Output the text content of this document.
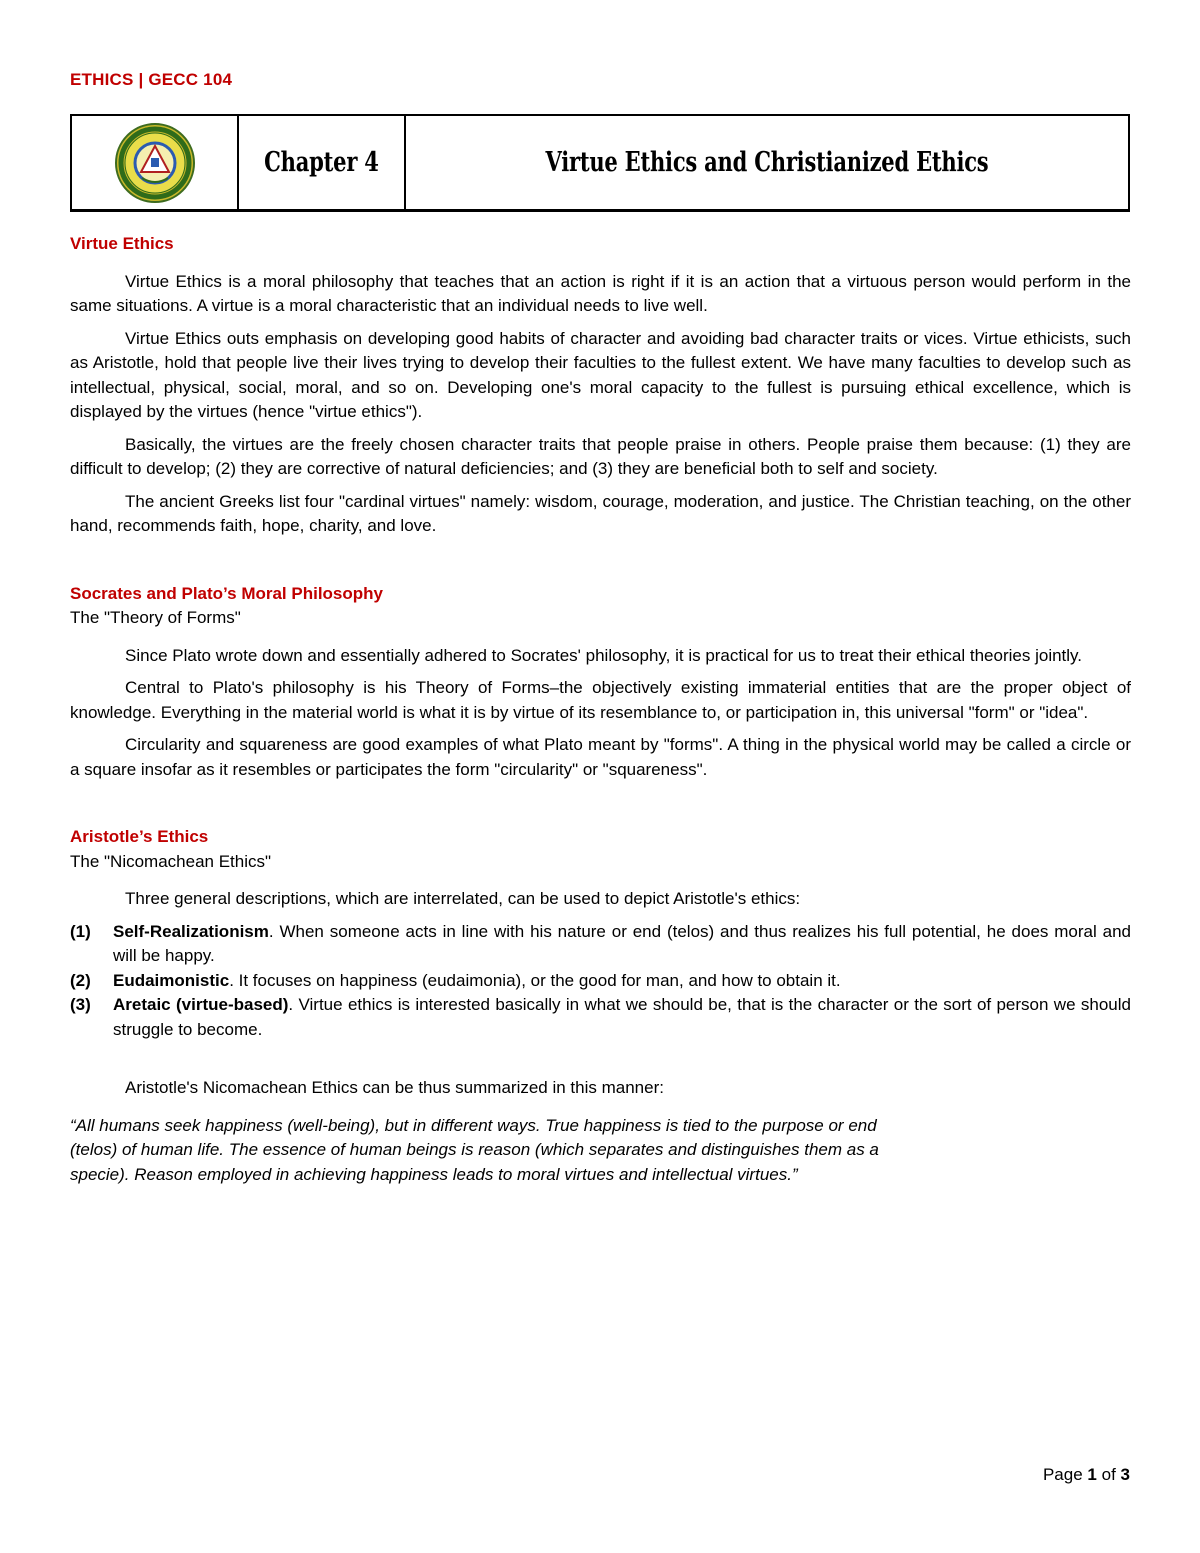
ETHICS | GECC 104
Chapter 4	Virtue Ethics and Christianized Ethics

Virtue Ethics

Virtue Ethics is a moral philosophy that teaches that an action is right if it is an action that a virtuous person would perform in the same situations. A virtue is a moral characteristic that an individual needs to live well.

Virtue Ethics outs emphasis on developing good habits of character and avoiding bad character traits or vices. Virtue ethicists, such as Aristotle, hold that people live their lives trying to develop their faculties to the fullest extent. We have many faculties to develop such as intellectual, physical, social, moral, and so on. Developing one's moral capacity to the fullest is pursuing ethical excellence, which is displayed by the virtues (hence "virtue ethics").

Basically, the virtues are the freely chosen character traits that people praise in others. People praise them because: (1) they are difficult to develop; (2) they are corrective of natural deficiencies; and (3) they are beneficial both to self and society.

The ancient Greeks list four "cardinal virtues" namely: wisdom, courage, moderation, and justice. The Christian teaching, on the other hand, recommends faith, hope, charity, and love.

Socrates and Plato’s Moral Philosophy

The "Theory of Forms"

Since Plato wrote down and essentially adhered to Socrates' philosophy, it is practical for us to treat their ethical theories jointly.

Central to Plato's philosophy is his Theory of Forms–the objectively existing immaterial entities that are the proper object of knowledge. Everything in the material world is what it is by virtue of its resemblance to, or participation in, this universal "form" or "idea".

Circularity and squareness are good examples of what Plato meant by "forms". A thing in the physical world may be called a circle or a square insofar as it resembles or participates the form "circularity" or "squareness".

Aristotle’s Ethics

The "Nicomachean Ethics"

Three general descriptions, which are interrelated, can be used to depict Aristotle's ethics:

(1)	Self-Realizationism. When someone acts in line with his nature or end (telos) and thus realizes his full potential, he does moral and will be happy.
(2)	Eudaimonistic. It focuses on happiness (eudaimonia), or the good for man, and how to obtain it.
(3)	Aretaic (virtue-based). Virtue ethics is interested basically in what we should be, that is the character or the sort of person we should struggle to become.

Aristotle's Nicomachean Ethics can be thus summarized in this manner:

“All humans seek happiness (well-being), but in different ways. True happiness is tied to the purpose or end (telos) of human life. The essence of human beings is reason (which separates and distinguishes them as a specie). Reason employed in achieving happiness leads to moral virtues and intellectual virtues.”

Page 1 of 3
